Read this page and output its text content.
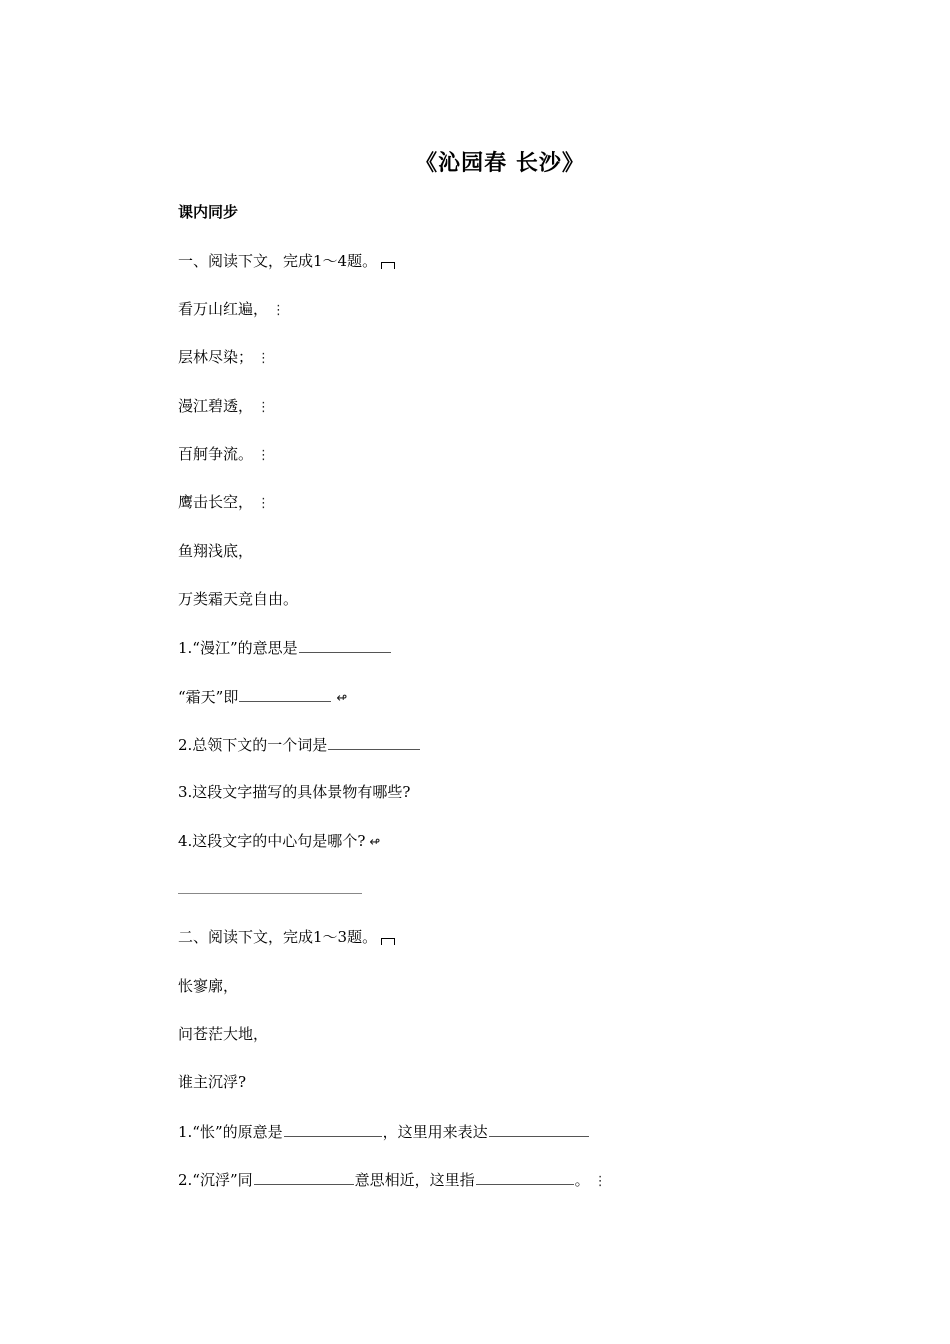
《沁园春 长沙》
课内同步
一、阅读下文，完成1～4题。
看万山红遍， ⋮
层林尽染； ⋮
漫江碧透， ⋮
百舸争流。 ⋮
鹰击长空， ⋮
鱼翔浅底，
万类霜天竞自由。
1.“漫江”的意思是
“霜天”即	↫
2.总领下文的一个词是
3.这段文字描写的具体景物有哪些?
4.这段文字的中心句是哪个? ↫
二、阅读下文，完成1～3题。
怅寥廓，
问苍茫大地，
谁主沉浮?
1.“怅”的原意是	，这里用来表达
2.“沉浮”同	意思相近，这里指	。 ⋮
